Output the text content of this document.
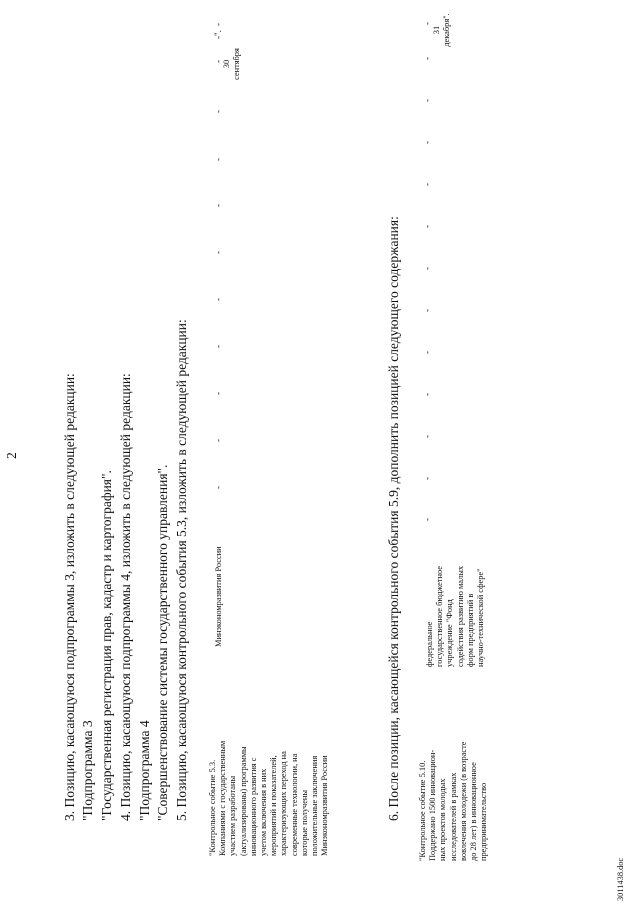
2	3. Позицию, касающуюся подпрограммы 3, изложить в следующей редакции: "Подпрограмма 3 "Государственная регистрация прав, кадастр и картография". 4. Позицию, касающуюся подпрограммы 4, изложить в следующей редакции: "Подпрограмма 4 "Совершенствование системы государственного управления". 5. Позицию, касающуюся контрольного события 5.3, изложить в следующей редакции:	6. После позиции, касающейся контрольного события 5.9, дополнить позицией следующего содержания:
"Контрольное событие 5.3. Компаниями с государственным участием разработаны (актуализированы) программы инновационного развития с учетом включения в них мероприятий и показателей, характеризующих переход на современные технологии, на которые получены положительные заключения Минэкономразвития России
Минэкономразвития России
-
-
-
-
-
-
-
-
-
-
-
30 сентября
-".
"Контрольное событие 5.10. Поддержано 1500 инновацион- ных проектов молодых исследователей в рамках вовлечения молодежи (в возрасте до 28 лет) в инновационное предпринимательство
федеральное государственное бюджетное учреждение "Фонд содействия развитию малых форм предприятий в научно-технической сфере"
-
-
-
-
-
-
-
-
-
-
-
-
-
31 декабря".
3011438.doc
